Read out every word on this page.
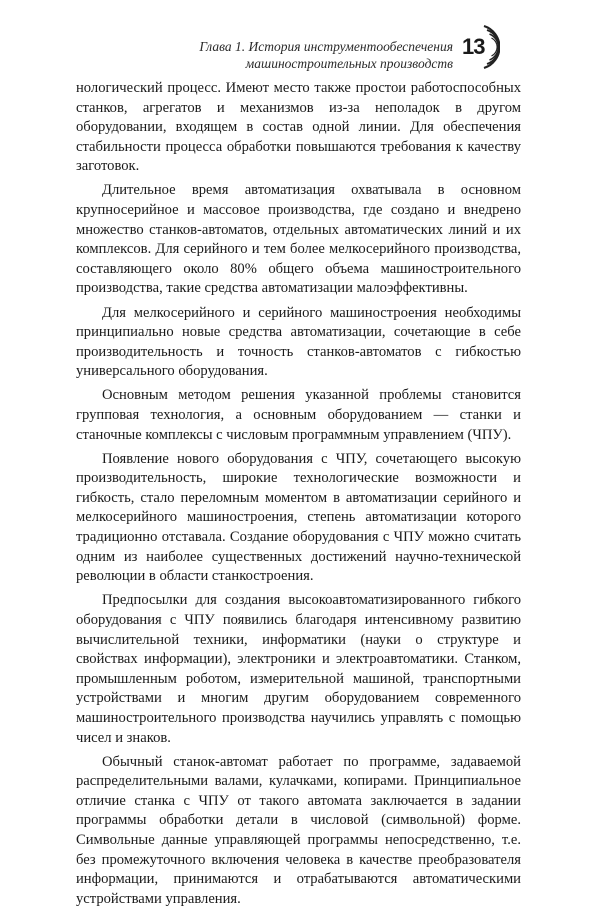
Глава 1. История инструментообеспечения
машиностроительных производств
13

нологический процесс. Имеют место также простои работоспособных станков, агрегатов и механизмов из-за неполадок в другом оборудовании, входящем в состав одной линии. Для обеспечения стабильности процесса обработки повышаются требования к качеству заготовок.

Длительное время автоматизация охватывала в основном крупносерийное и массовое производства, где создано и внедрено множество станков-автоматов, отдельных автоматических линий и их комплексов. Для серийного и тем более мелкосерийного производства, составляющего около 80% общего объема машиностроительного производства, такие средства автоматизации малоэффективны.

Для мелкосерийного и серийного машиностроения необходимы принципиально новые средства автоматизации, сочетающие в себе производительность и точность станков-автоматов с гибкостью универсального оборудования.

Основным методом решения указанной проблемы становится групповая технология, а основным оборудованием — станки и станочные комплексы с числовым программным управлением (ЧПУ).

Появление нового оборудования с ЧПУ, сочетающего высокую производительность, широкие технологические возможности и гибкость, стало переломным моментом в автоматизации серийного и мелкосерийного машиностроения, степень автоматизации которого традиционно отставала. Создание оборудования с ЧПУ можно считать одним из наиболее существенных достижений научно-технической революции в области станкостроения.

Предпосылки для создания высокоавтоматизированного гибкого оборудования с ЧПУ появились благодаря интенсивному развитию вычислительной техники, информатики (науки о структуре и свойствах информации), электроники и электроавтоматики. Станком, промышленным роботом, измерительной машиной, транспортными устройствами и многим другим оборудованием современного машиностроительного производства научились управлять с помощью чисел и знаков.

Обычный станок-автомат работает по программе, задаваемой распределительными валами, кулачками, копирами. Принципиальное отличие станка с ЧПУ от такого автомата заключается в задании программы обработки детали в числовой (символьной) форме. Символьные данные управляющей программы непосредственно, т.е. без промежуточного включения человека в качестве преобразователя информации, принимаются и отрабатываются автоматическими устройствами управления.
